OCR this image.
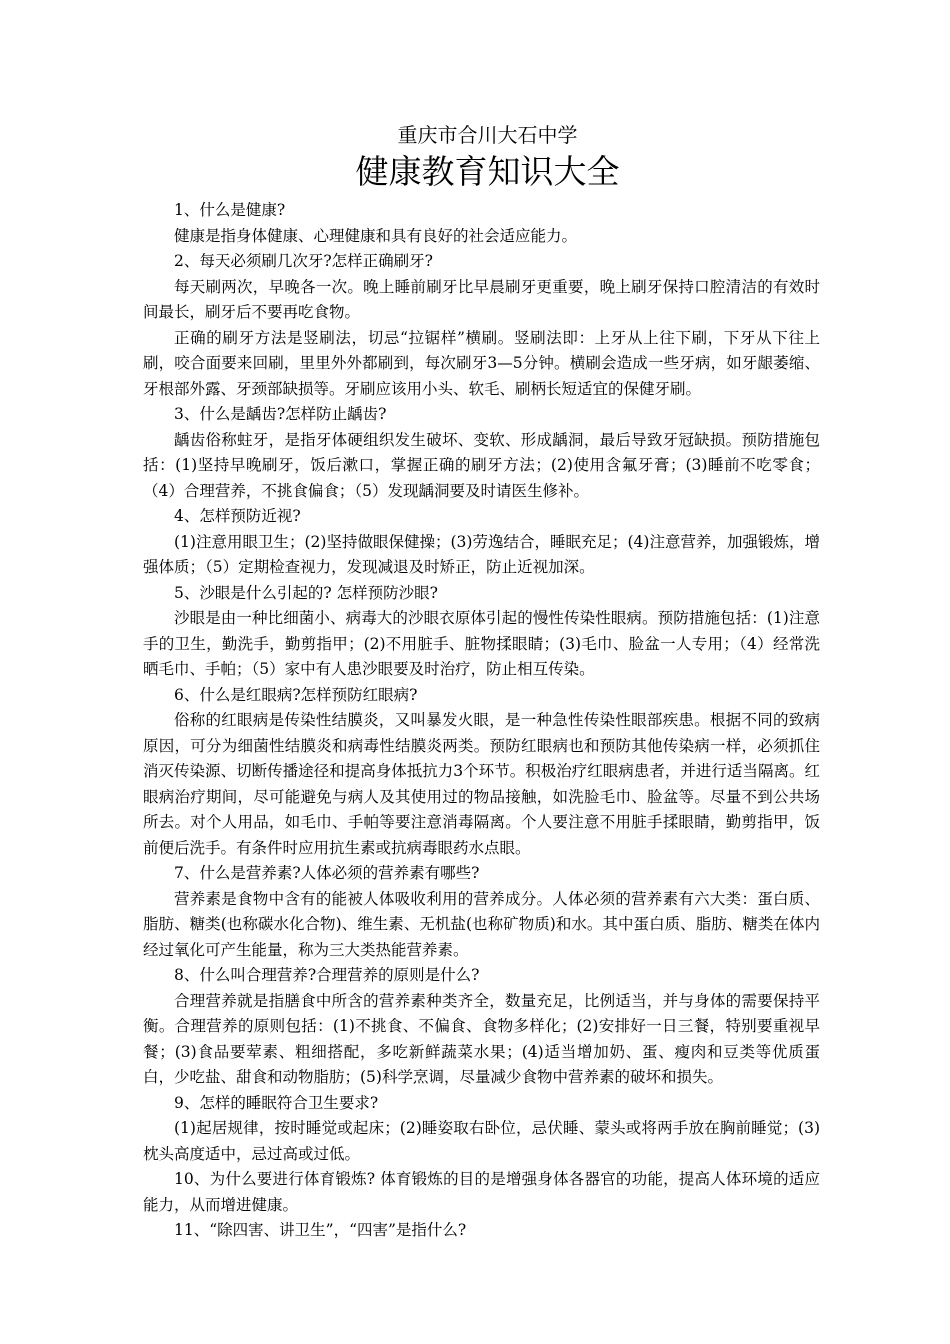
重庆市合川大石中学

健康教育知识大全

1、什么是健康?

健康是指身体健康、心理健康和具有良好的社会适应能力。

2、每天必须刷几次牙?怎样正确刷牙?

每天刷两次，早晚各一次。晚上睡前刷牙比早晨刷牙更重要，晚上刷牙保持口腔清洁的有效时间最长，刷牙后不要再吃食物。

正确的刷牙方法是竖刷法，切忌“拉锯样”横刷。竖刷法即：上牙从上往下刷，下牙从下往上刷，咬合面要来回刷，里里外外都刷到，每次刷牙3—5分钟。横刷会造成一些牙病，如牙龈萎缩、牙根部外露、牙颈部缺损等。牙刷应该用小头、软毛、刷柄长短适宜的保健牙刷。

3、什么是龋齿?怎样防止龋齿?

龋齿俗称蛀牙，是指牙体硬组织发生破坏、变软、形成龋洞，最后导致牙冠缺损。预防措施包括：(1)坚持早晚刷牙，饭后漱口，掌握正确的刷牙方法；(2)使用含氟牙膏；(3)睡前不吃零食；（4）合理营养，不挑食偏食；（5）发现龋洞要及时请医生修补。

4、怎样预防近视?

(1)注意用眼卫生；(2)坚持做眼保健操；(3)劳逸结合，睡眠充足；(4)注意营养，加强锻炼，增强体质；（5）定期检查视力，发现减退及时矫正，防止近视加深。

5、沙眼是什么引起的? 怎样预防沙眼?

沙眼是由一种比细菌小、病毒大的沙眼衣原体引起的慢性传染性眼病。预防措施包括：(1)注意手的卫生，勤洗手，勤剪指甲；(2)不用脏手、脏物揉眼睛；(3)毛巾、脸盆一人专用；（4）经常洗晒毛巾、手帕；（5）家中有人患沙眼要及时治疗，防止相互传染。

6、什么是红眼病?怎样预防红眼病?

俗称的红眼病是传染性结膜炎，又叫暴发火眼，是一种急性传染性眼部疾患。根据不同的致病原因，可分为细菌性结膜炎和病毒性结膜炎两类。预防红眼病也和预防其他传染病一样，必须抓住消灭传染源、切断传播途径和提高身体抵抗力3个环节。积极治疗红眼病患者，并进行适当隔离。红眼病治疗期间，尽可能避免与病人及其使用过的物品接触，如洗脸毛巾、脸盆等。尽量不到公共场所去。对个人用品，如毛巾、手帕等要注意消毒隔离。个人要注意不用脏手揉眼睛，勤剪指甲，饭前便后洗手。有条件时应用抗生素或抗病毒眼药水点眼。

7、什么是营养素?人体必须的营养素有哪些?

营养素是食物中含有的能被人体吸收利用的营养成分。人体必须的营养素有六大类：蛋白质、脂肪、糖类(也称碳水化合物)、维生素、无机盐(也称矿物质)和水。其中蛋白质、脂肪、糖类在体内经过氧化可产生能量，称为三大类热能营养素。

8、什么叫合理营养?合理营养的原则是什么?

合理营养就是指膳食中所含的营养素种类齐全，数量充足，比例适当，并与身体的需要保持平衡。合理营养的原则包括：(1)不挑食、不偏食、食物多样化；(2)安排好一日三餐，特别要重视早餐；(3)食品要荤素、粗细搭配，多吃新鲜蔬菜水果；(4)适当增加奶、蛋、瘦肉和豆类等优质蛋白，少吃盐、甜食和动物脂肪；(5)科学烹调，尽量减少食物中营养素的破坏和损失。

9、怎样的睡眠符合卫生要求?

(1)起居规律，按时睡觉或起床；(2)睡姿取右卧位，忌伏睡、蒙头或将两手放在胸前睡觉；(3)枕头高度适中，忌过高或过低。

10、为什么要进行体育锻炼? 体育锻炼的目的是增强身体各器官的功能，提高人体环境的适应能力，从而增进健康。

11、“除四害、讲卫生”，“四害”是指什么?
